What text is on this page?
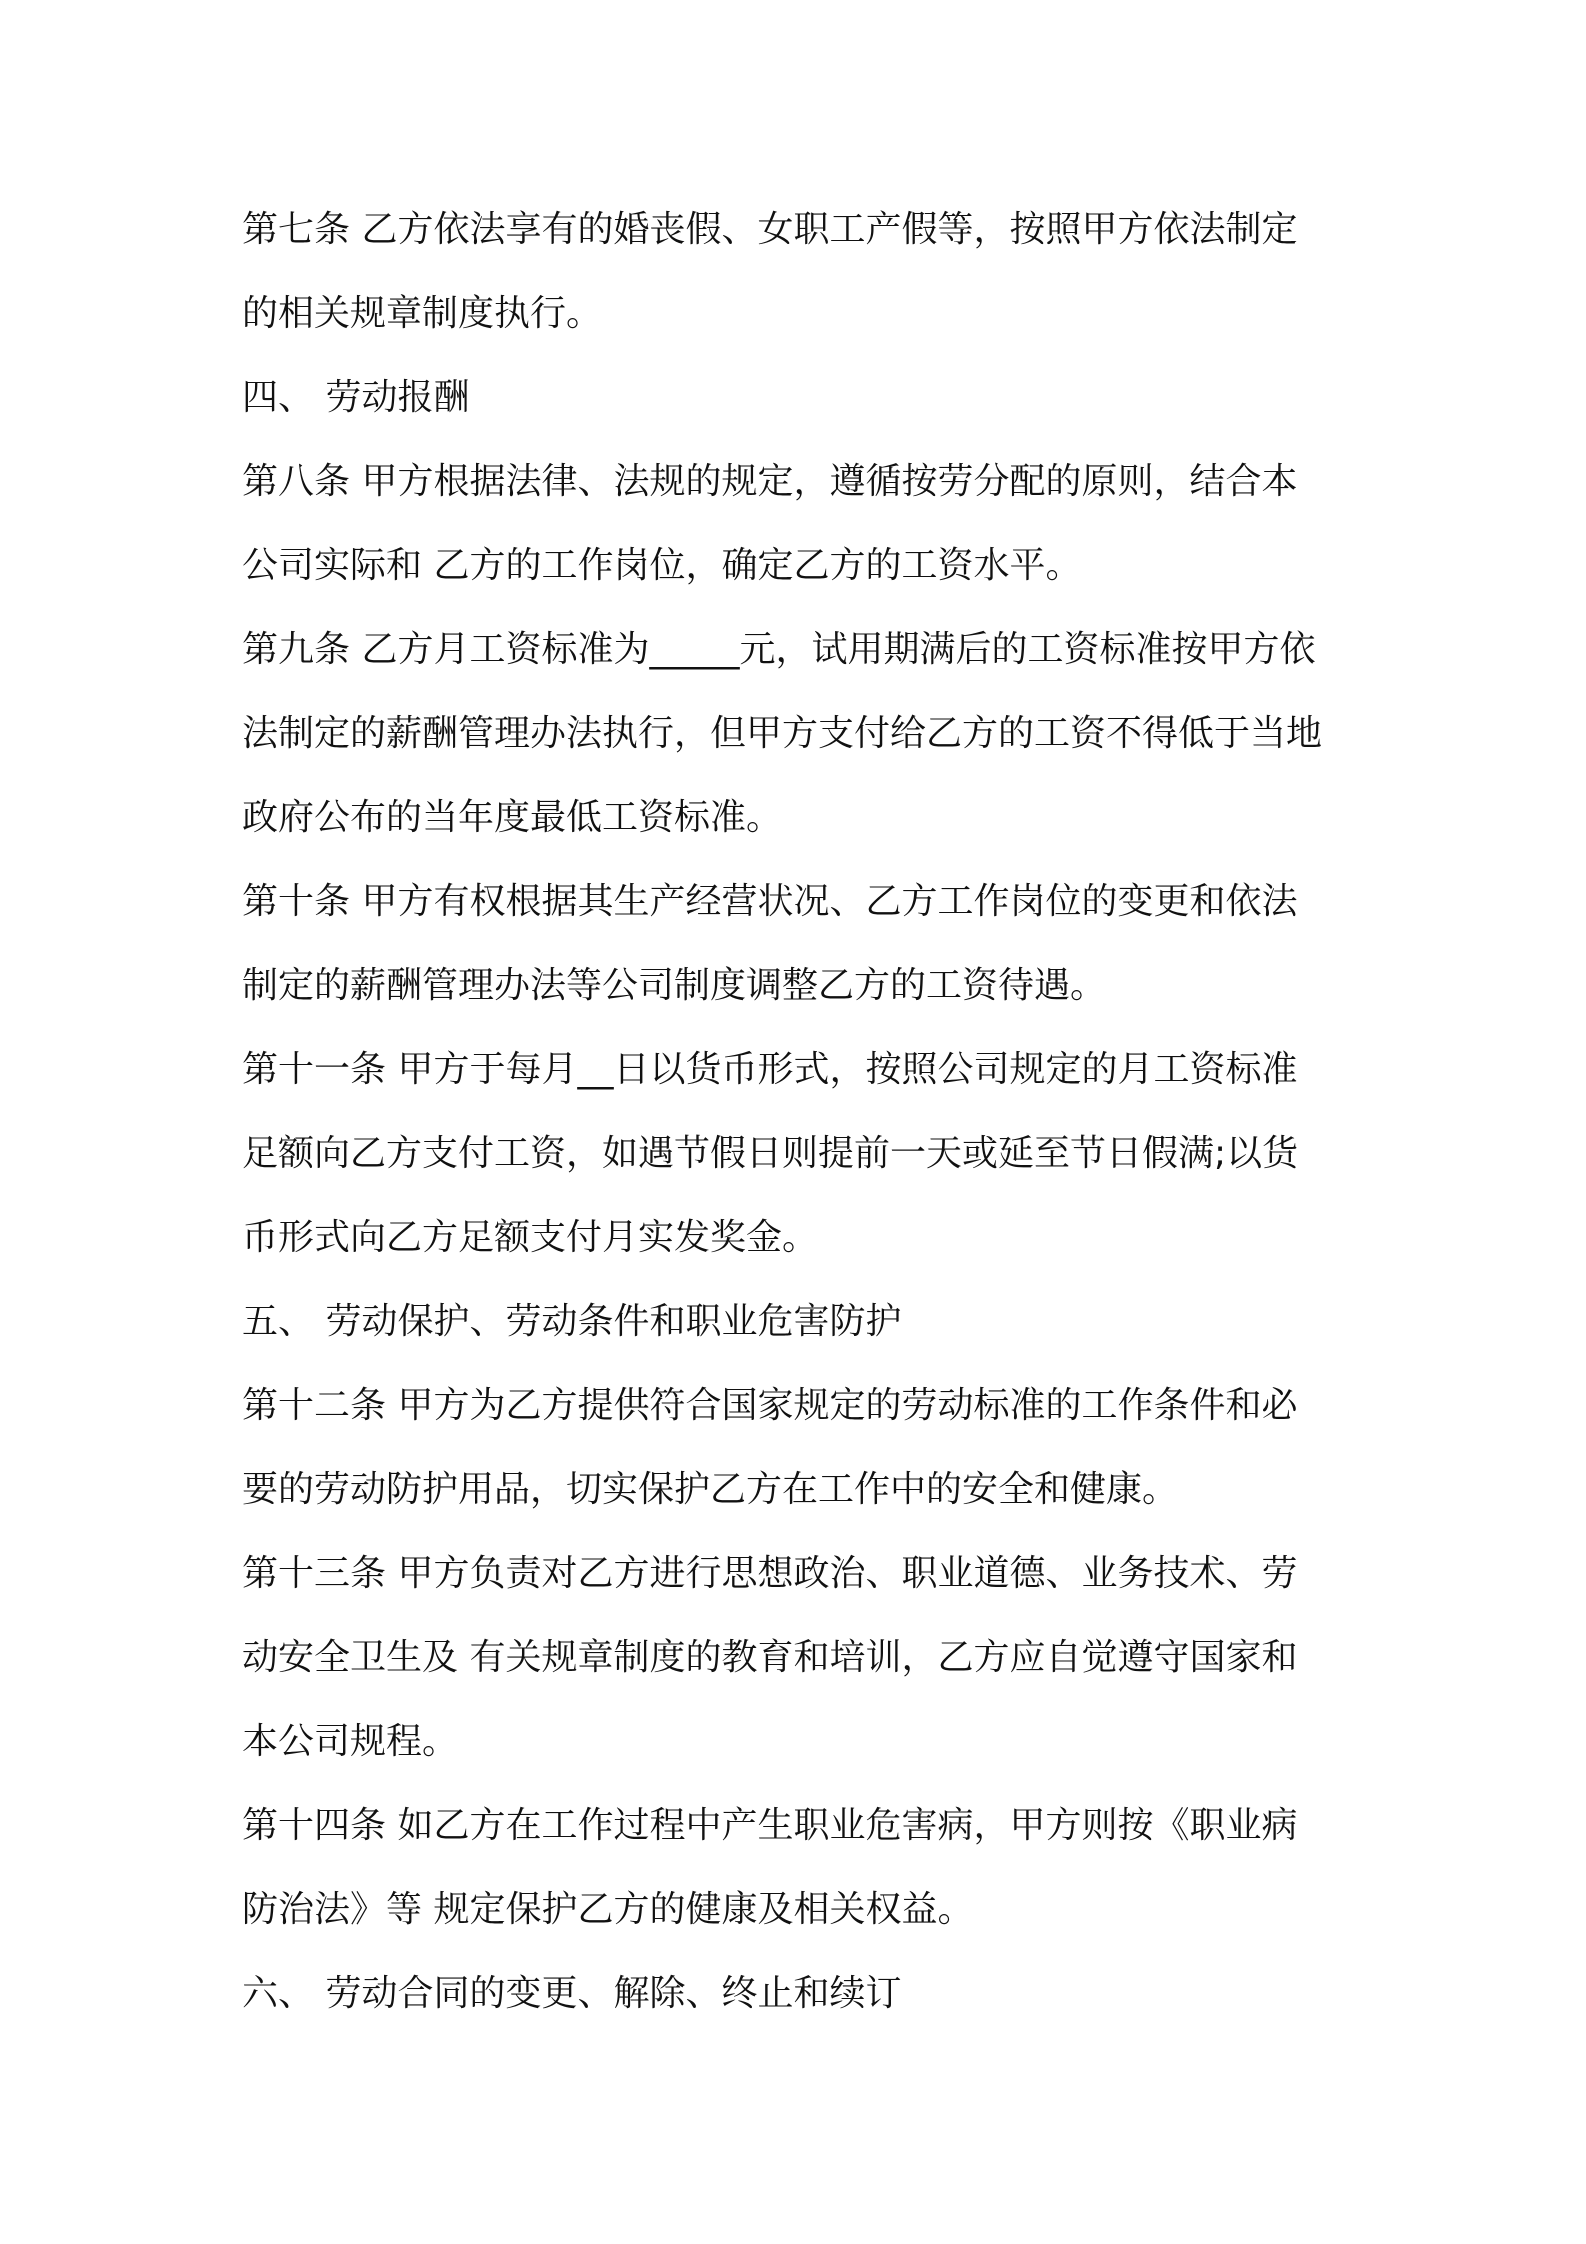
第七条 乙方依法享有的婚丧假、女职工产假等，按照甲方依法制定
的相关规章制度执行。
四、 劳动报酬
第八条 甲方根据法律、法规的规定，遵循按劳分配的原则，结合本
公司实际和 乙方的工作岗位，确定乙方的工资水平。
第九条 乙方月工资标准为_____元，试用期满后的工资标准按甲方依
法制定的薪酬管理办法执行，但甲方支付给乙方的工资不得低于当地
政府公布的当年度最低工资标准。
第十条 甲方有权根据其生产经营状况、乙方工作岗位的变更和依法
制定的薪酬管理办法等公司制度调整乙方的工资待遇。
第十一条 甲方于每月__日以货币形式，按照公司规定的月工资标准
足额向乙方支付工资，如遇节假日则提前一天或延至节日假满;以货
币形式向乙方足额支付月实发奖金。
五、 劳动保护、劳动条件和职业危害防护
第十二条 甲方为乙方提供符合国家规定的劳动标准的工作条件和必
要的劳动防护用品，切实保护乙方在工作中的安全和健康。
第十三条 甲方负责对乙方进行思想政治、职业道德、业务技术、劳
动安全卫生及 有关规章制度的教育和培训，乙方应自觉遵守国家和
本公司规程。
第十四条 如乙方在工作过程中产生职业危害病，甲方则按《职业病
防治法》等 规定保护乙方的健康及相关权益。
六、 劳动合同的变更、解除、终止和续订
